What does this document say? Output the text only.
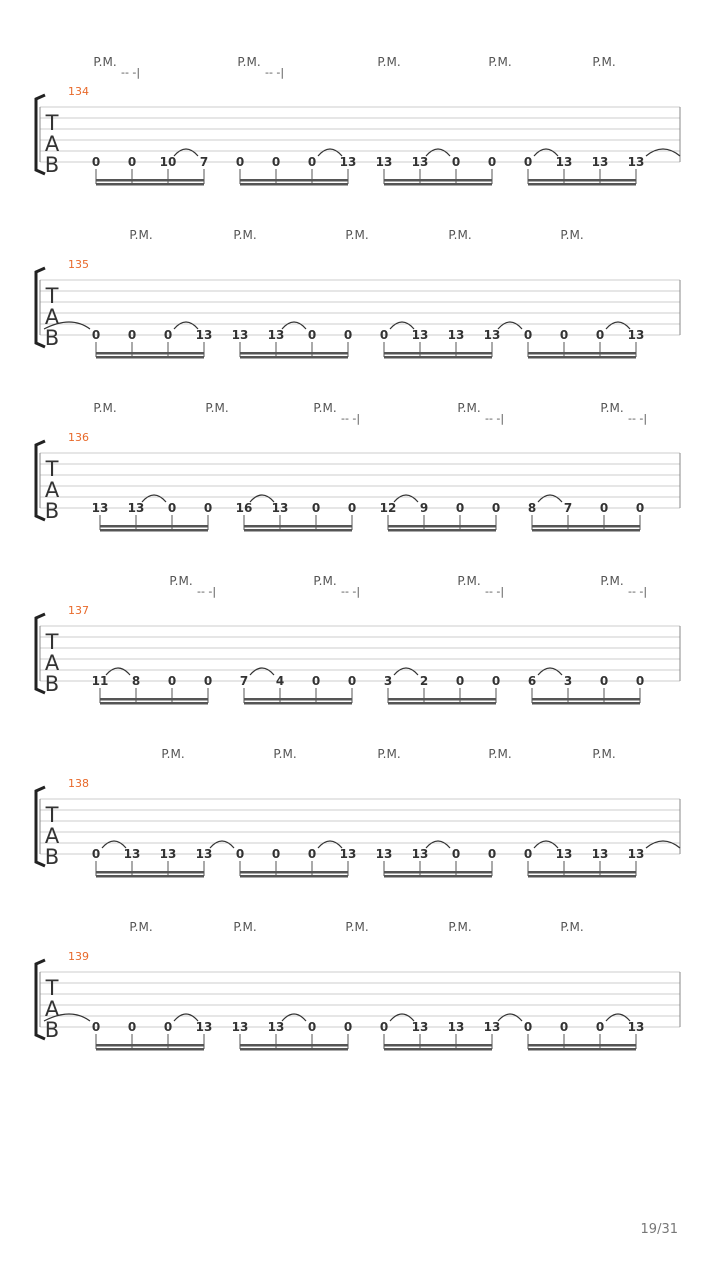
P.M.
-- -|
P.M.
-- -|
P.M.	P.M.	P.M.
134
T
A
B	0 0 10 7 0 0 0 13 13 13 0 0 0 13 13 13
P.M.	P.M.	P.M.	P.M.	P.M.
135
T
A
B	0 0 0 13 13 13 0 0 0 13 13 13 0 0 0 13
P.M.	P.M.	P.M.
-- -|
P.M.
-- -|
P.M.
-- -|
136
T
A
B	13 13 0 0 16 13 0 0 12 9 0 0 8 7 0 0
P.M.
-- -|
P.M.
-- -|
P.M.
-- -|
P.M.
-- -|
137
T
A
B	11 8 0 0 7 4 0 0 3 2 0 0 6 3 0 0
P.M.	P.M.	P.M.	P.M.	P.M.
138
T
A
B	0 13 13 13 0 0 0 13 13 13 0 0 0 13 13 13
P.M.	P.M.	P.M.	P.M.	P.M.
139
T
A
B	0 0 0 13 13 13 0 0 0 13 13 13 0 0 0 13
19/31
